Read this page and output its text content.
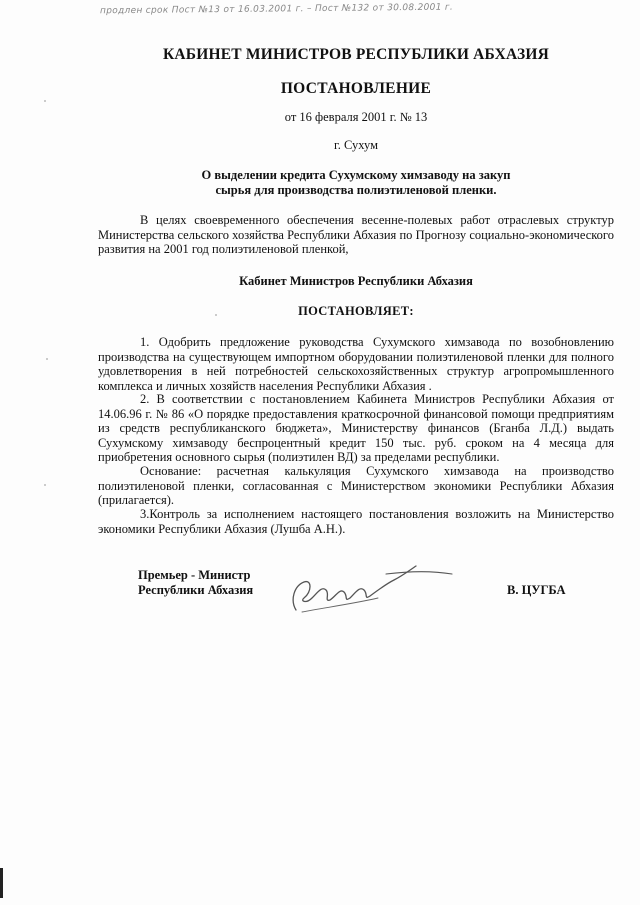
продлен срок Пост №13 от 16.03.2001 г. – Пост №132 от 30.08.2001 г.
КАБИНЕТ МИНИСТРОВ РЕСПУБЛИКИ АБХАЗИЯ
ПОСТАНОВЛЕНИЕ
от 16 февраля 2001 г. № 13
г. Сухум
О выделении кредита Сухумскому химзаводу на закуп
сырья для производства полиэтиленовой пленки.
В целях своевременного обеспечения весенне-полевых работ отраслевых структур Министерства сельского хозяйства Республики Абхазия по Прогнозу социально-экономического развития на 2001 год полиэтиленовой пленкой,
Кабинет Министров Республики Абхазия
ПОСТАНОВЛЯЕТ:
1. Одобрить предложение руководства Сухумского химзавода по возобновлению производства на существующем импортном оборудовании полиэтиленовой пленки для полного удовлетворения в ней потребностей сельскохозяйственных структур агропромышленного комплекса и личных хозяйств населения Республики Абхазия .
2. В соответствии с постановлением Кабинета Министров Республики Абхазия от 14.06.96 г. № 86 «О порядке предоставления краткосрочной финансовой помощи предприятиям из средств республиканского бюджета», Министерству финансов (Бганба Л.Д.) выдать Сухумскому химзаводу беспроцентный кредит 150 тыс. руб. сроком на 4 месяца для приобретения основного сырья (полиэтилен ВД) за пределами республики.
Основание: расчетная калькуляция Сухумского химзавода на производство полиэтиленовой пленки, согласованная с Министерством экономики Республики Абхазия (прилагается).
3.Контроль за исполнением настоящего постановления возложить на Министерство экономики Республики Абхазия (Лушба А.Н.).
Премьер - Министр
Республики Абхазия	В. ЦУГБА
